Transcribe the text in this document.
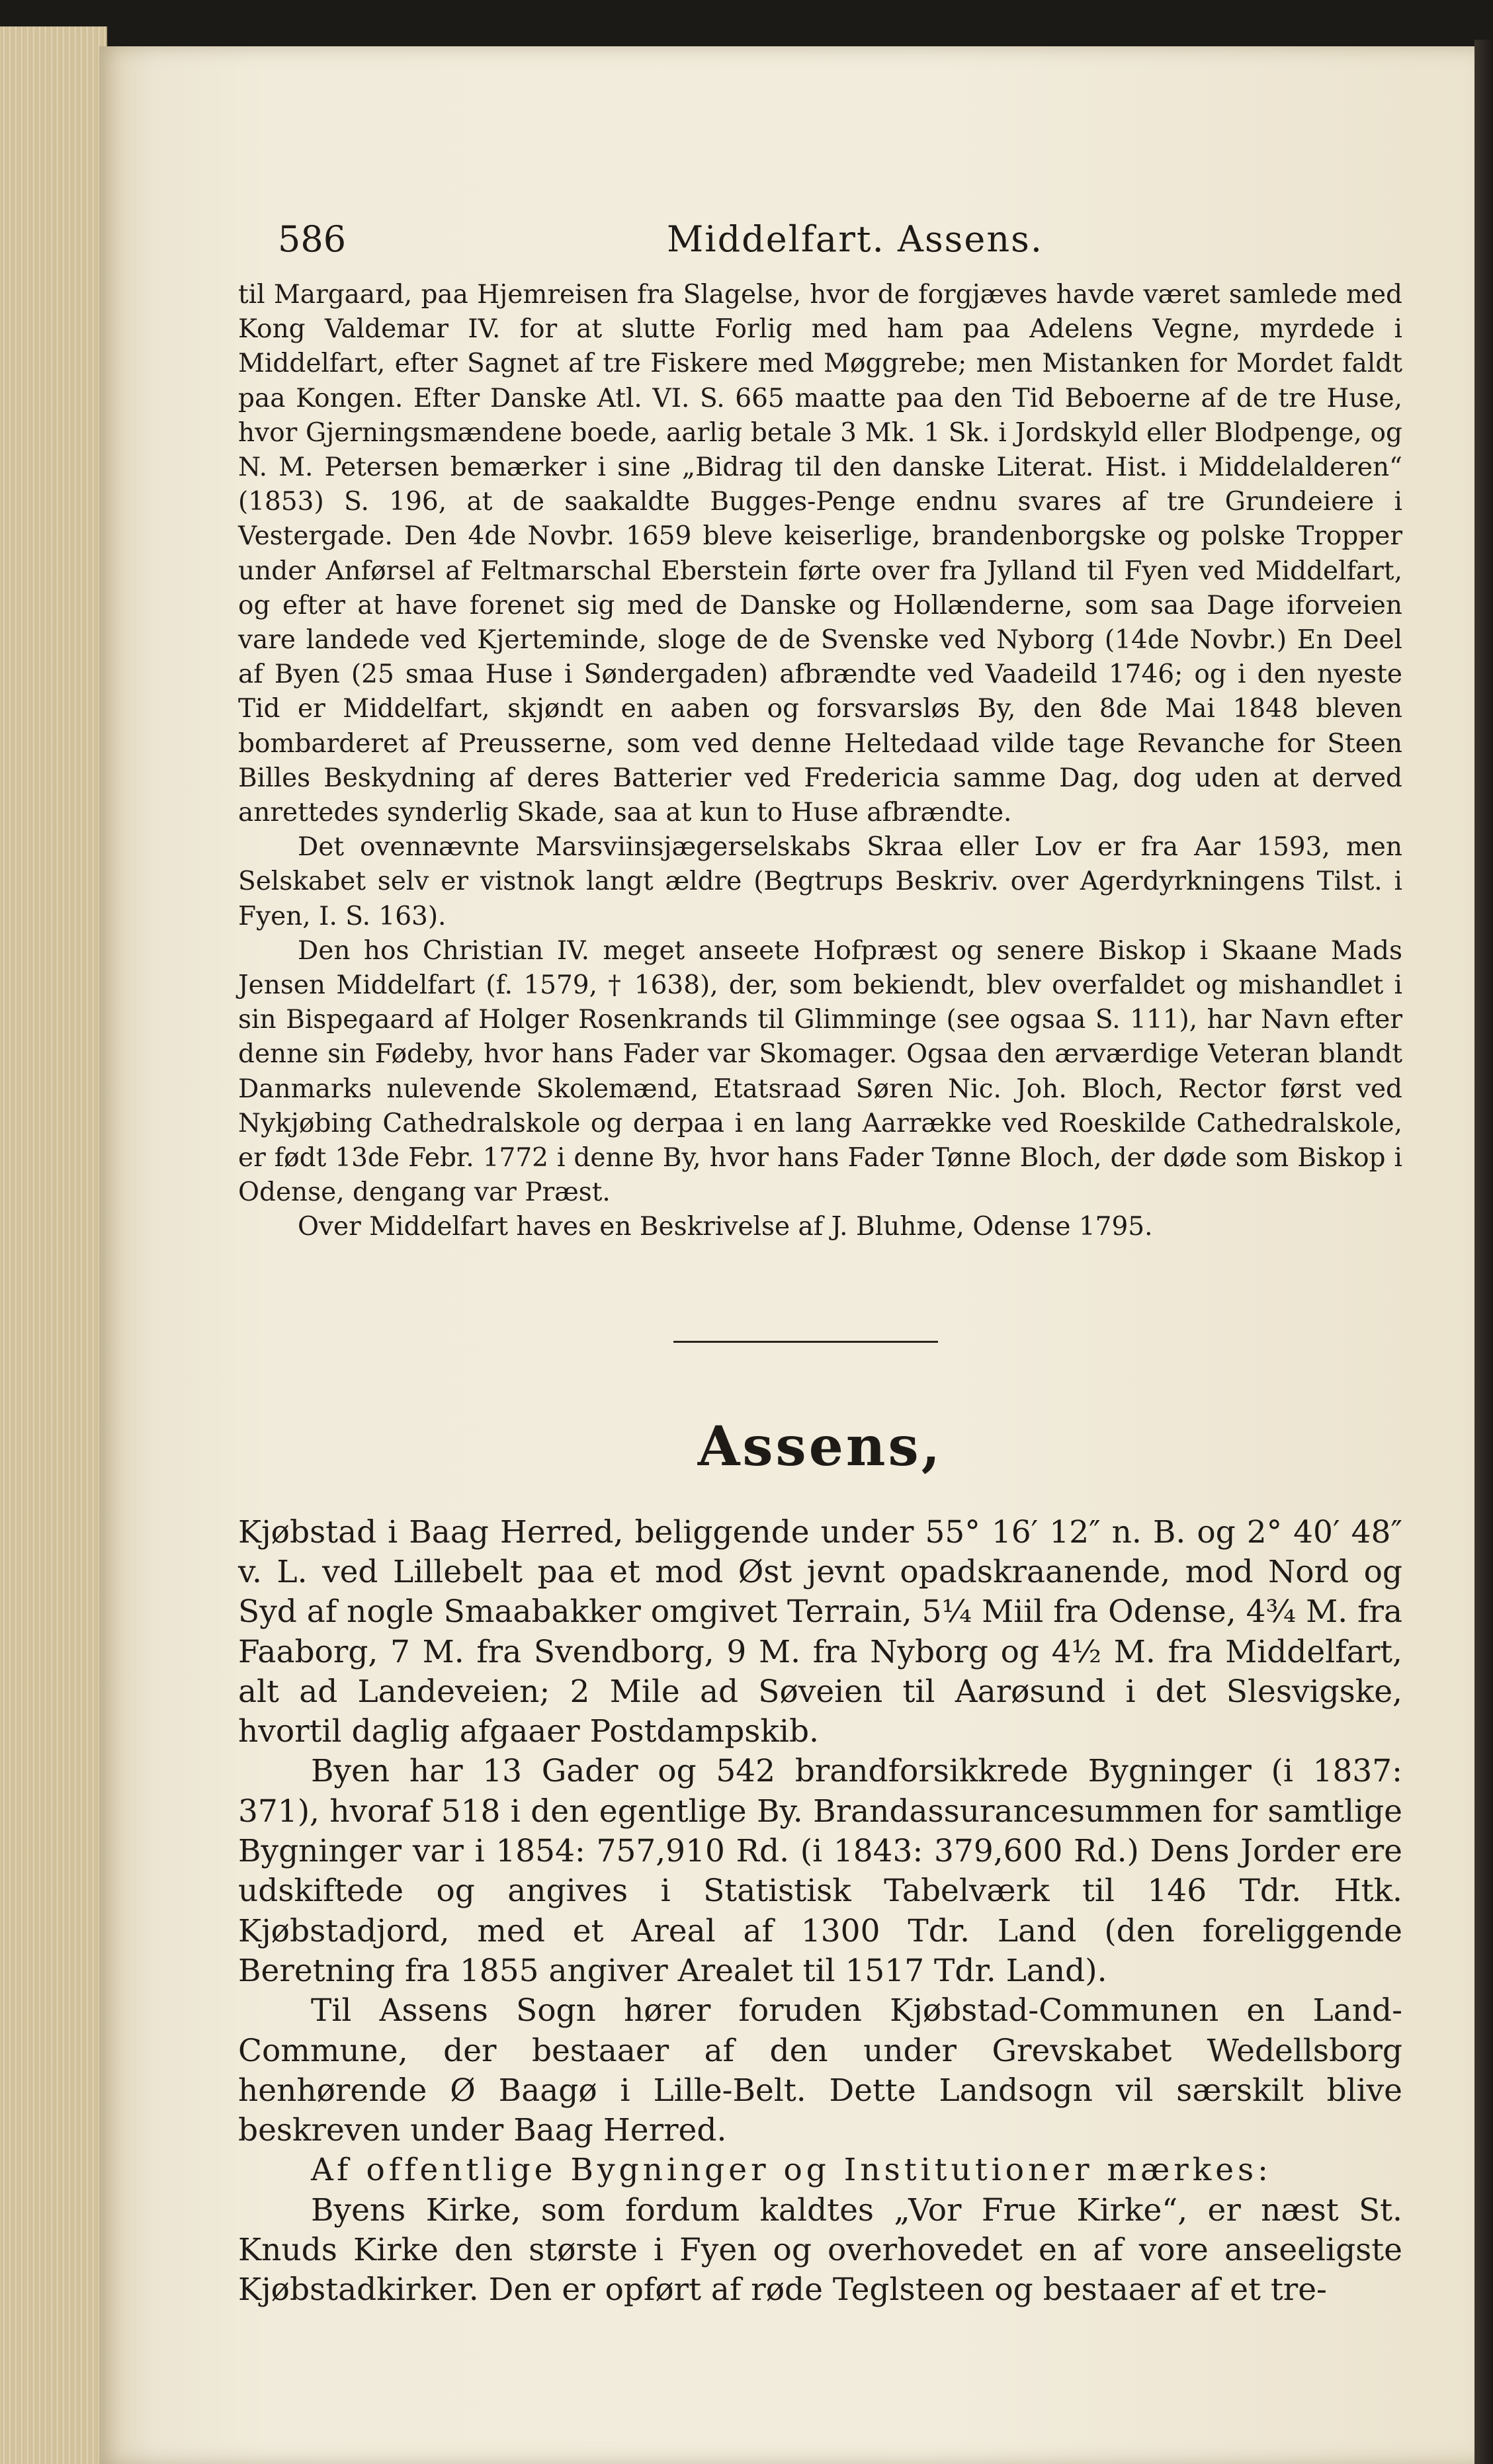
586	Middelfart. Assens.

til Margaard, paa Hjemreisen fra Slagelse, hvor de forgjæves havde været samlede med Kong Valdemar IV. for at slutte Forlig med ham paa Adelens Vegne, myrdede i Middelfart, efter Sagnet af tre Fiskere med Møggrebe; men Mistanken for Mordet faldt paa Kongen. Efter Danske Atl. VI. S. 665 maatte paa den Tid Beboerne af de tre Huse, hvor Gjerningsmændene boede, aarlig betale 3 Mk. 1 Sk. i Jordskyld eller Blodpenge, og N. M. Petersen bemærker i sine „Bidrag til den danske Literat. Hist. i Middelalderen“ (1853) S. 196, at de saakaldte Bugges-Penge endnu svares af tre Grundeiere i Vestergade. Den 4de Novbr. 1659 bleve keiserlige, brandenborgske og polske Tropper under Anførsel af Feltmarschal Eberstein førte over fra Jylland til Fyen ved Middelfart, og efter at have forenet sig med de Danske og Hollænderne, som saa Dage iforveien vare landede ved Kjerteminde, sloge de de Svenske ved Nyborg (14de Novbr.) En Deel af Byen (25 smaa Huse i Søndergaden) afbrændte ved Vaadeild 1746; og i den nyeste Tid er Middelfart, skjøndt en aaben og forsvarsløs By, den 8de Mai 1848 bleven bombarderet af Preusserne, som ved denne Heltedaad vilde tage Revanche for Steen Billes Beskydning af deres Batterier ved Fredericia samme Dag, dog uden at derved anrettedes synderlig Skade, saa at kun to Huse afbrændte.

Det ovennævnte Marsviinsjægerselskabs Skraa eller Lov er fra Aar 1593, men Selskabet selv er vistnok langt ældre (Begtrups Beskriv. over Agerdyrkningens Tilst. i Fyen, I. S. 163).

Den hos Christian IV. meget anseete Hofpræst og senere Biskop i Skaane Mads Jensen Middelfart (f. 1579, † 1638), der, som bekiendt, blev overfaldet og mishandlet i sin Bispegaard af Holger Rosenkrands til Glimminge (see ogsaa S. 111), har Navn efter denne sin Fødeby, hvor hans Fader var Skomager. Ogsaa den ærværdige Veteran blandt Danmarks nulevende Skolemænd, Etatsraad Søren Nic. Joh. Bloch, Rector først ved Nykjøbing Cathedralskole og derpaa i en lang Aarrække ved Roeskilde Cathedralskole, er født 13de Febr. 1772 i denne By, hvor hans Fader Tønne Bloch, der døde som Biskop i Odense, dengang var Præst.

Over Middelfart haves en Beskrivelse af J. Bluhme, Odense 1795.

Assens,

Kjøbstad i Baag Herred, beliggende under 55° 16′ 12″ n. B. og 2° 40′ 48″ v. L. ved Lillebelt paa et mod Øst jevnt opadskraanende, mod Nord og Syd af nogle Smaabakker omgivet Terrain, 5¼ Miil fra Odense, 4¾ M. fra Faaborg, 7 M. fra Svendborg, 9 M. fra Nyborg og 4½ M. fra Middelfart, alt ad Landeveien; 2 Mile ad Søveien til Aarøsund i det Slesvigske, hvortil daglig afgaaer Postdampskib.

Byen har 13 Gader og 542 brandforsikkrede Bygninger (i 1837: 371), hvoraf 518 i den egentlige By. Brandassurancesummen for samtlige Bygninger var i 1854: 757,910 Rd. (i 1843: 379,600 Rd.) Dens Jorder ere udskiftede og angives i Statistisk Tabelværk til 146 Tdr. Htk. Kjøbstadjord, med et Areal af 1300 Tdr. Land (den foreliggende Beretning fra 1855 angiver Arealet til 1517 Tdr. Land).

Til Assens Sogn hører foruden Kjøbstad-Communen en Land-Commune, der bestaaer af den under Grevskabet Wedellsborg henhørende Ø Baagø i Lille-Belt. Dette Landsogn vil særskilt blive beskreven under Baag Herred.

Af offentlige Bygninger og Institutioner mærkes:

Byens Kirke, som fordum kaldtes „Vor Frue Kirke“, er næst St. Knuds Kirke den største i Fyen og overhovedet en af vore anseeligste Kjøbstadkirker. Den er opført af røde Teglsteen og bestaaer af et tre-
